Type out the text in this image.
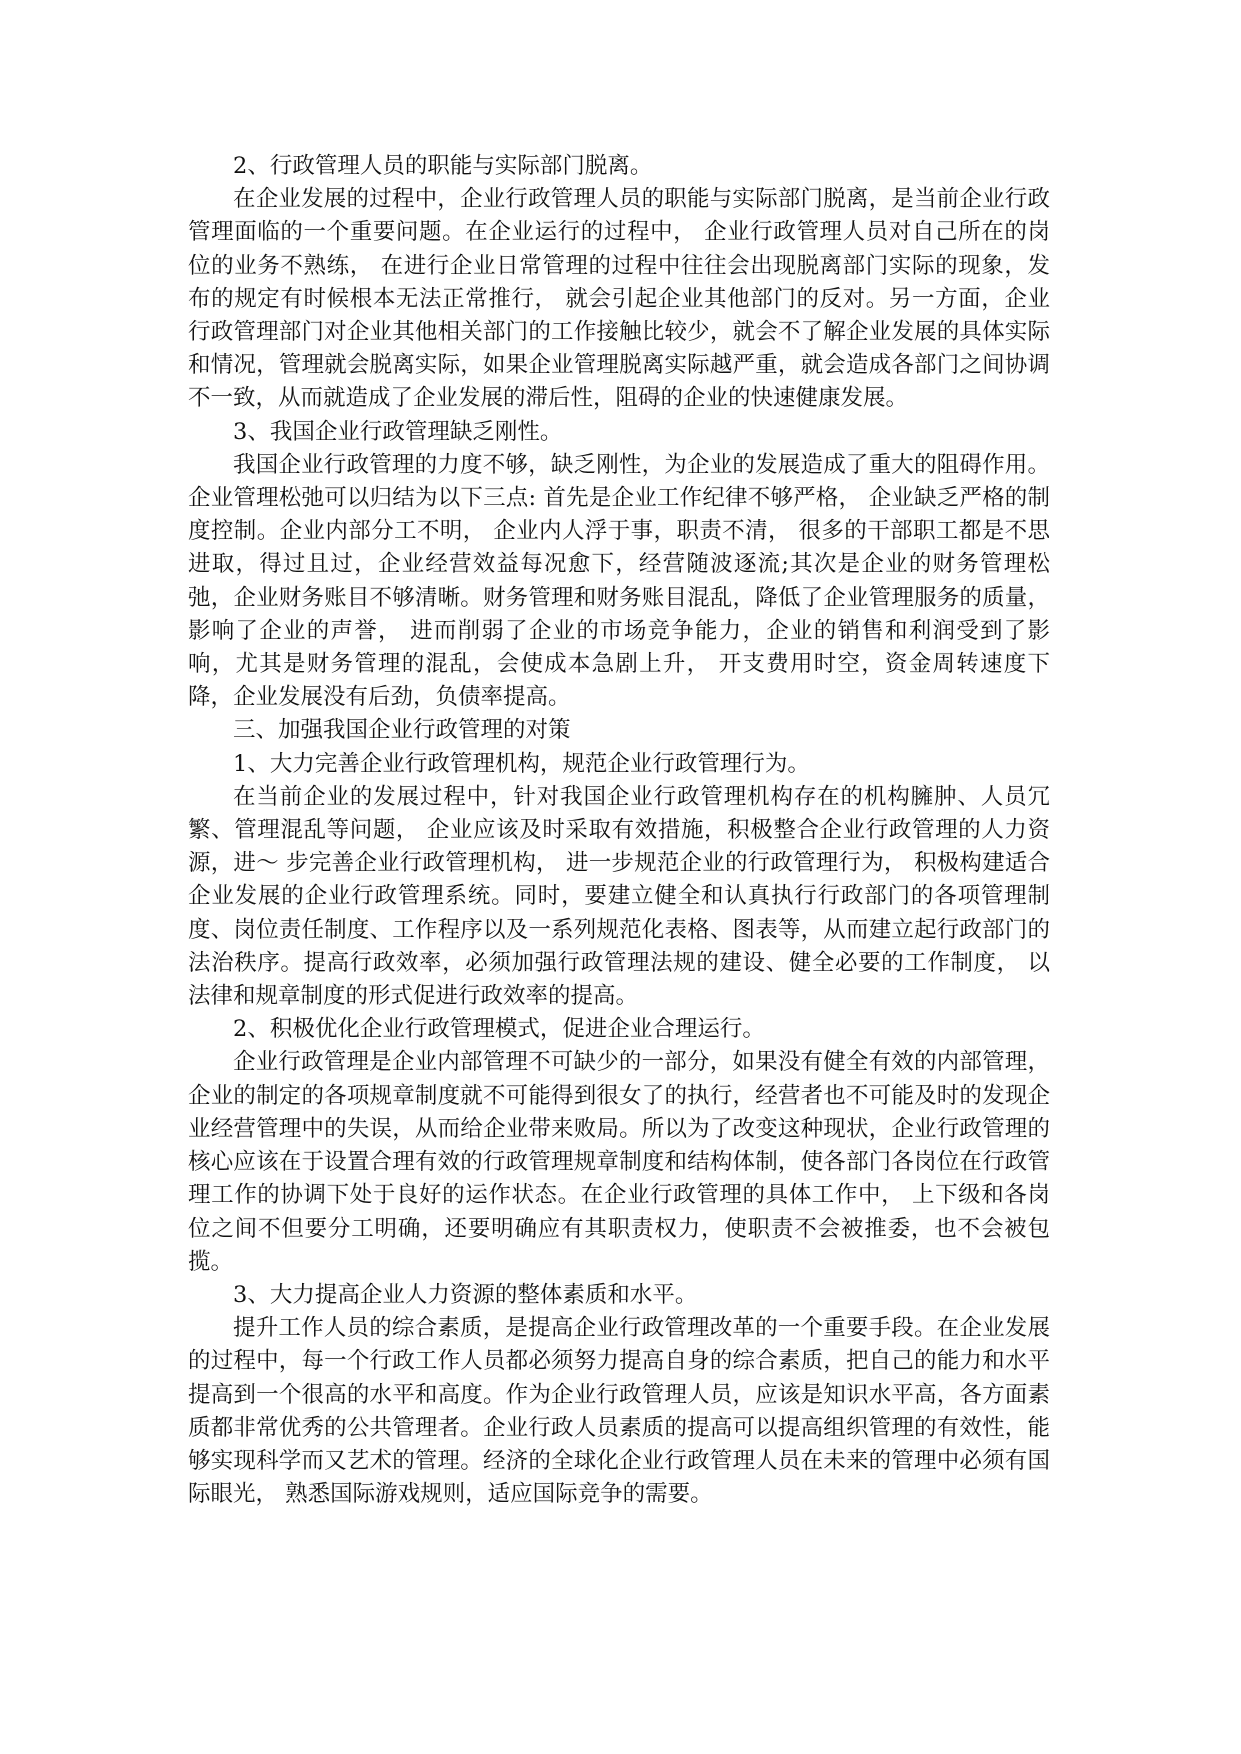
2、行政管理人员的职能与实际部门脱离。

在企业发展的过程中，企业行政管理人员的职能与实际部门脱离，是当前企业行政管理面临的一个重要问题。在企业运行的过程中， 企业行政管理人员对自己所在的岗位的业务不熟练， 在进行企业日常管理的过程中往往会出现脱离部门实际的现象，发布的规定有时候根本无法正常推行， 就会引起企业其他部门的反对。另一方面，企业行政管理部门对企业其他相关部门的工作接触比较少，就会不了解企业发展的具体实际和情况，管理就会脱离实际，如果企业管理脱离实际越严重，就会造成各部门之间协调不一致，从而就造成了企业发展的滞后性，阻碍的企业的快速健康发展。

3、我国企业行政管理缺乏刚性。

我国企业行政管理的力度不够，缺乏刚性，为企业的发展造成了重大的阻碍作用。企业管理松弛可以归结为以下三点: 首先是企业工作纪律不够严格， 企业缺乏严格的制度控制。企业内部分工不明， 企业内人浮于事，职责不清， 很多的干部职工都是不思进取，得过且过，企业经营效益每况愈下，经营随波逐流;其次是企业的财务管理松弛，企业财务账目不够清晰。财务管理和财务账目混乱，降低了企业管理服务的质量， 影响了企业的声誉， 进而削弱了企业的市场竞争能力，企业的销售和利润受到了影响，尤其是财务管理的混乱，会使成本急剧上升， 开支费用时空，资金周转速度下降，企业发展没有后劲，负债率提高。

三、加强我国企业行政管理的对策

1、大力完善企业行政管理机构，规范企业行政管理行为。

在当前企业的发展过程中，针对我国企业行政管理机构存在的机构臃肿、人员冗繁、管理混乱等问题， 企业应该及时采取有效措施，积极整合企业行政管理的人力资源，进～ 步完善企业行政管理机构， 进一步规范企业的行政管理行为， 积极构建适合企业发展的企业行政管理系统。同时，要建立健全和认真执行行政部门的各项管理制度、岗位责任制度、工作程序以及一系列规范化表格、图表等，从而建立起行政部门的法治秩序。提高行政效率，必须加强行政管理法规的建设、健全必要的工作制度， 以法律和规章制度的形式促进行政效率的提高。

2、积极优化企业行政管理模式，促进企业合理运行。

企业行政管理是企业内部管理不可缺少的一部分，如果没有健全有效的内部管理，企业的制定的各项规章制度就不可能得到很女了的执行，经营者也不可能及时的发现企业经营管理中的失误，从而给企业带来败局。所以为了改变这种现状，企业行政管理的核心应该在于设置合理有效的行政管理规章制度和结构体制，使各部门各岗位在行政管理工作的协调下处于良好的运作状态。在企业行政管理的具体工作中， 上下级和各岗位之间不但要分工明确，还要明确应有其职责权力，使职责不会被推委，也不会被包揽。

3、大力提高企业人力资源的整体素质和水平。

提升工作人员的综合素质，是提高企业行政管理改革的一个重要手段。在企业发展的过程中，每一个行政工作人员都必须努力提高自身的综合素质，把自己的能力和水平提高到一个很高的水平和高度。作为企业行政管理人员，应该是知识水平高，各方面素质都非常优秀的公共管理者。企业行政人员素质的提高可以提高组织管理的有效性，能够实现科学而又艺术的管理。经济的全球化企业行政管理人员在未来的管理中必须有国际眼光， 熟悉国际游戏规则，适应国际竞争的需要。
